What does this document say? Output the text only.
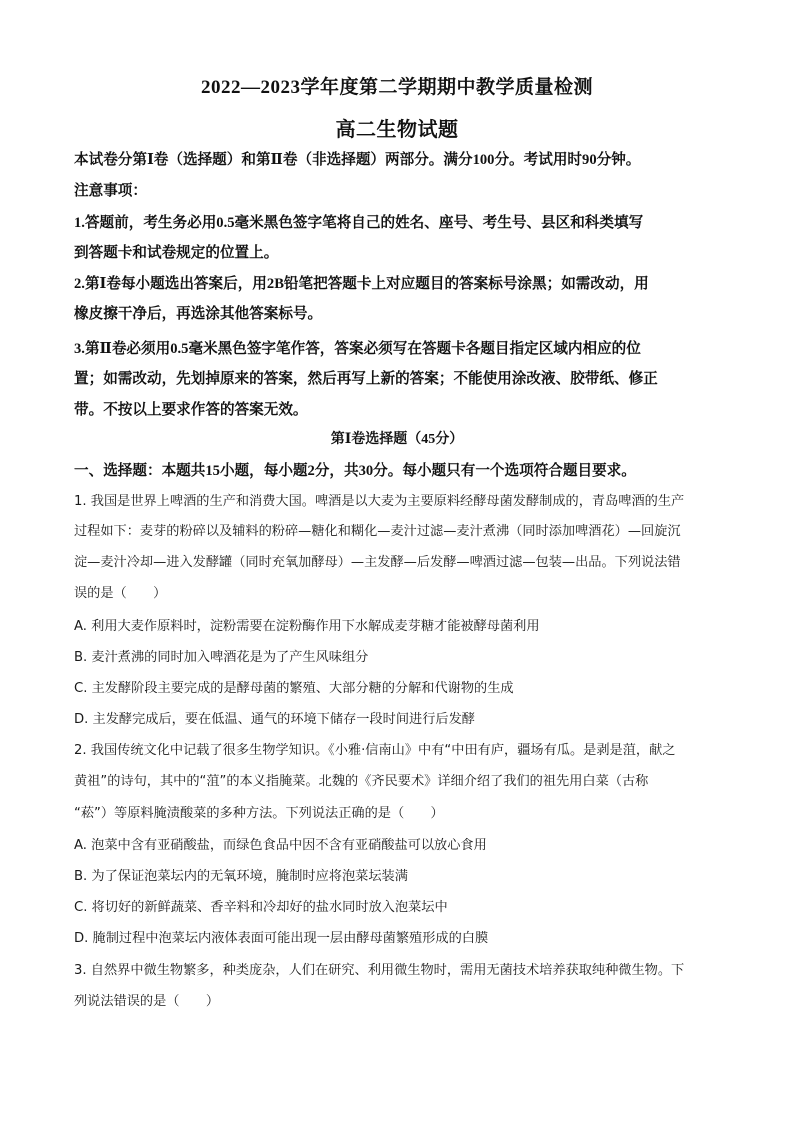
2022—2023学年度第二学期期中教学质量检测
高二生物试题
本试卷分第Ⅰ卷（选择题）和第Ⅱ卷（非选择题）两部分。满分100分。考试用时90分钟。
注意事项：
1.答题前，考生务必用0.5毫米黑色签字笔将自己的姓名、座号、考生号、县区和科类填写
到答题卡和试卷规定的位置上。
2.第Ⅰ卷每小题选出答案后，用2B铅笔把答题卡上对应题目的答案标号涂黑；如需改动，用
橡皮擦干净后，再选涂其他答案标号。
3.第Ⅱ卷必须用0.5毫米黑色签字笔作答，答案必须写在答题卡各题目指定区域内相应的位
置；如需改动，先划掉原来的答案，然后再写上新的答案；不能使用涂改液、胶带纸、修正
带。不按以上要求作答的答案无效。
第Ⅰ卷选择题（45分）
一、选择题：本题共15小题，每小题2分，共30分。每小题只有一个选项符合题目要求。
1. 我国是世界上啤酒的生产和消费大国。啤酒是以大麦为主要原料经酵母菌发酵制成的，青岛啤酒的生产
过程如下：麦芽的粉碎以及辅料的粉碎—糖化和糊化—麦汁过滤—麦汁煮沸（同时添加啤酒花）—回旋沉
淀—麦汁冷却—进入发酵罐（同时充氧加酵母）—主发酵—后发酵—啤酒过滤—包装—出品。下列说法错
误的是（　　）
A. 利用大麦作原料时，淀粉需要在淀粉酶作用下水解成麦芽糖才能被酵母菌利用
B. 麦汁煮沸的同时加入啤酒花是为了产生风味组分
C. 主发酵阶段主要完成的是酵母菌的繁殖、大部分糖的分解和代谢物的生成
D. 主发酵完成后，要在低温、通气的环境下储存一段时间进行后发酵
2. 我国传统文化中记载了很多生物学知识。《小雅·信南山》中有“中田有庐，疆场有瓜。是剥是菹，献之
黄祖”的诗句，其中的“菹”的本义指腌菜。北魏的《齐民要术》详细介绍了我们的祖先用白菜（古称
“菘”）等原料腌渍酸菜的多种方法。下列说法正确的是（　　）
A. 泡菜中含有亚硝酸盐，而绿色食品中因不含有亚硝酸盐可以放心食用
B. 为了保证泡菜坛内的无氧环境，腌制时应将泡菜坛装满
C. 将切好的新鲜蔬菜、香辛料和冷却好的盐水同时放入泡菜坛中
D. 腌制过程中泡菜坛内液体表面可能出现一层由酵母菌繁殖形成的白膜
3. 自然界中微生物繁多，种类庞杂，人们在研究、利用微生物时，需用无菌技术培养获取纯种微生物。下
列说法错误的是（　　）
